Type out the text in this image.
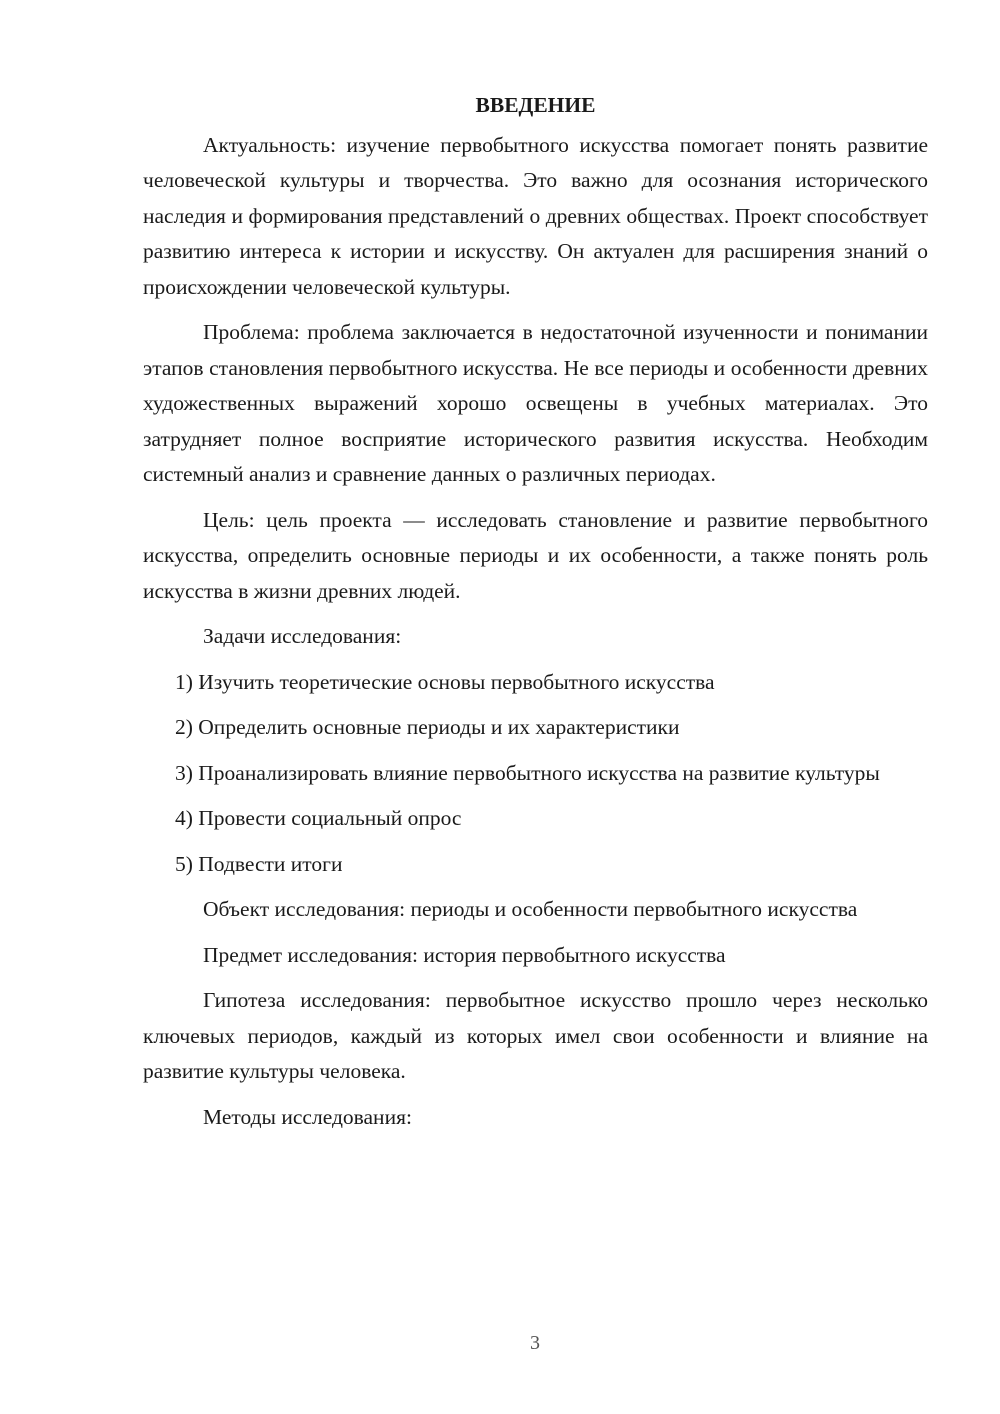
ВВЕДЕНИЕ

Актуальность: изучение первобытного искусства помогает понять развитие человеческой культуры и творчества. Это важно для осознания исторического наследия и формирования представлений о древних обществах. Проект способствует развитию интереса к истории и искусству. Он актуален для расширения знаний о происхождении человеческой культуры.

Проблема: проблема заключается в недостаточной изученности и понимании этапов становления первобытного искусства. Не все периоды и особенности древних художественных выражений хорошо освещены в учебных материалах. Это затрудняет полное восприятие исторического развития искусства. Необходим системный анализ и сравнение данных о различных периодах.

Цель: цель проекта — исследовать становление и развитие первобытного искусства, определить основные периоды и их особенности, а также понять роль искусства в жизни древних людей.

Задачи исследования:

1) Изучить теоретические основы первобытного искусства

2) Определить основные периоды и их характеристики

3) Проанализировать влияние первобытного искусства на развитие культуры

4) Провести социальный опрос

5) Подвести итоги

Объект исследования: периоды и особенности первобытного искусства

Предмет исследования: история первобытного искусства

Гипотеза исследования: первобытное искусство прошло через несколько ключевых периодов, каждый из которых имел свои особенности и влияние на развитие культуры человека.

Методы исследования:

3
